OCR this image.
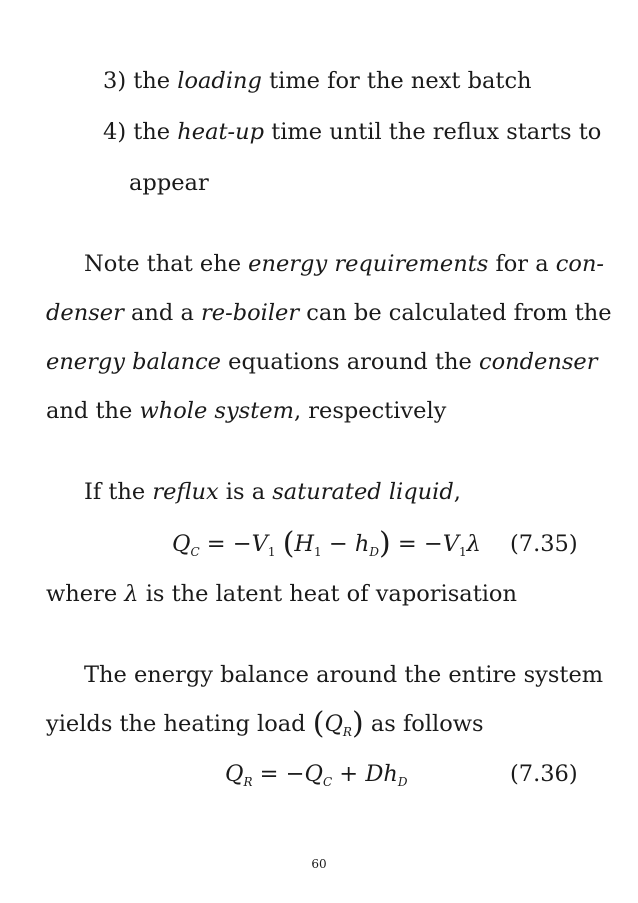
3) the loading time for the next batch
4) the heat-up time until the reflux starts to
appear
Note that ehe energy requirements for a con-
denser and a re-boiler can be calculated from the
energy balance equations around the condenser
and the whole system, respectively
If the reflux is a saturated liquid,
$Q_C = -V_1$ $(H_1 - h_D) = -V_1\lambda$ (7.35)
where λ is the latent heat of vaporisation
The energy balance around the entire system
yields the heating load $(Q_R)$ as follows
$Q_R = -Q_C + Dh_D$	(7.36)
60
